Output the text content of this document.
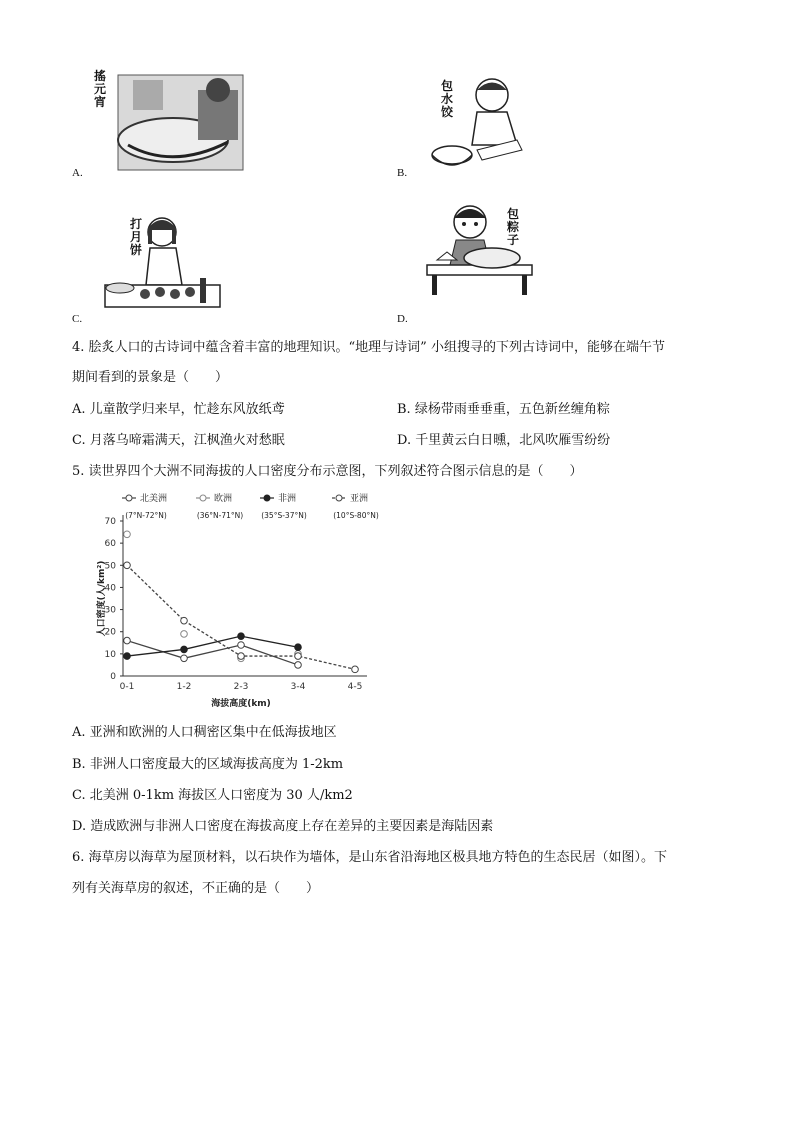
搖
元
宵
A.
包
水
饺
B.
打
月
饼
C.
包
粽
子
D.
4. 脍炙人口的古诗词中蕴含着丰富的地理知识。“地理与诗词” 小组搜寻的下列古诗词中，能够在端午节
期间看到的景象是（　　）
A. 儿童散学归来早，忙趁东风放纸鸢	B. 绿杨带雨垂垂重，五色新丝缠角粽
C. 月落乌啼霜满天，江枫渔火对愁眠	D. 千里黄云白日曛，北风吹雁雪纷纷
5. 读世界四个大洲不同海拔的人口密度分布示意图，下列叙述符合图示信息的是（　　）
北美洲
(7°N-72°N)
欧洲
(36°N-71°N)
非洲
(35°S-37°N)
亚洲
(10°S-80°N)
0
10
20
30
40
50
60
70
0-1	1-2	2-3	3-4	4-5
海拔高度(km)
人口密度(人/km²)
A. 亚洲和欧洲的人口稠密区集中在低海拔地区
B. 非洲人口密度最大的区域海拔高度为 1-2km
C. 北美洲 0-1km 海拔区人口密度为 30 人/km2
D. 造成欧洲与非洲人口密度在海拔高度上存在差异的主要因素是海陆因素
6. 海草房以海草为屋顶材料，以石块作为墙体，是山东省沿海地区极具地方特色的生态民居（如图）。下
列有关海草房的叙述，不正确的是（　　）
